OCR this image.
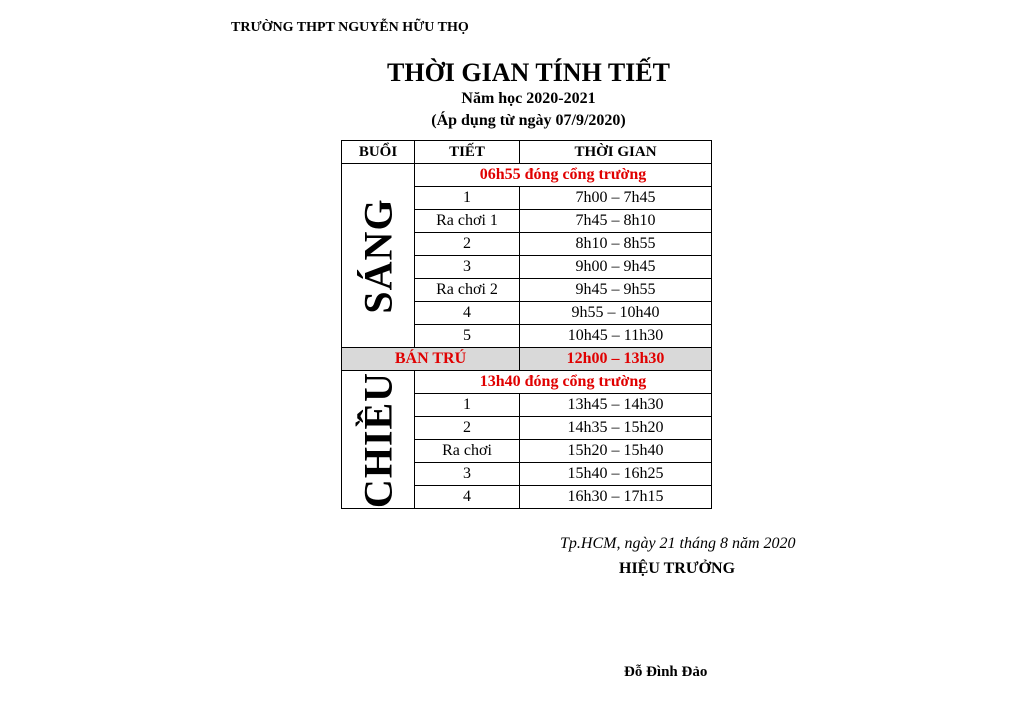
TRƯỜNG THPT NGUYỄN HỮU THỌ
THỜI GIAN TÍNH TIẾT
Năm học 2020-2021
(Áp dụng từ ngày 07/9/2020)
BUỔI	TIẾT	THỜI GIAN

SÁNG	06h55 đóng cổng trường	
	1	7h00 – 7h45
	Ra chơi 1	7h45 – 8h10
	2	8h10 – 8h55
	3	9h00 – 9h45
	Ra chơi 2	9h45 – 9h55
	4	9h55 – 10h40
	5	10h45 – 11h30
BÁN TRÚ		12h00 – 13h30

CHIỀU	13h40 đóng cổng trường	
	1	13h45 – 14h30
	2	14h35 – 15h20
	Ra chơi	15h20 – 15h40
	3	15h40 – 16h25
	4	16h30 – 17h15
Tp.HCM, ngày 21 tháng 8 năm 2020
HIỆU TRƯỞNG
Đỗ Đình Đảo
